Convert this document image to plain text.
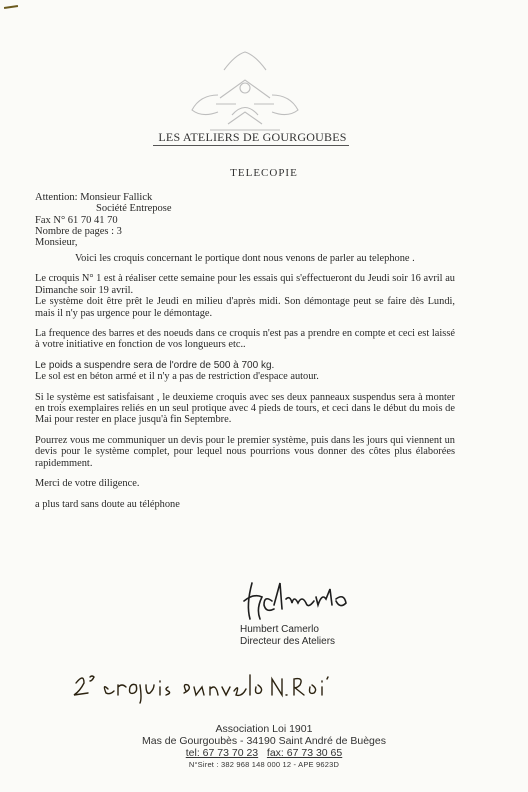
LES ATELIERS DE GOURGOUBES
TELECOPIE
Attention: Monsieur Fallick
Société Entrepose
Fax N° 61 70 41 70
Nombre de pages : 3
Monsieur,

Voici les croquis concernant le portique dont nous venons de parler au telephone .

Le croquis N° 1 est à réaliser cette semaine pour les essais qui s'effectueront du Jeudi soir 16 avril au Dimanche soir 19 avril.

Le système doit être prêt le Jeudi en milieu d'après midi. Son démontage peut se faire dès Lundi, mais il n'y pas urgence pour le démontage.

La frequence des barres et des noeuds dans ce croquis n'est pas a prendre en compte et ceci est laissé à votre initiative en fonction de vos longueurs etc..

Le poids a suspendre sera de l'ordre de 500 à 700 kg.
Le sol est en béton armé et il n'y a pas de restriction d'espace autour.

Si le système est satisfaisant , le deuxieme croquis avec ses deux panneaux suspendus sera à monter en trois exemplaires reliés en un seul protique avec 4 pieds de tours, et ceci dans le début du mois de Mai pour rester en place jusqu'à fin Septembre.

Pourrez vous me communiquer un devis pour le premier système, puis dans les jours qui viennent un devis pour le système complet, pour lequel nous pourrions vous donner des côtes plus élaborées rapidemment.

Merci de votre diligence.

a plus tard sans doute au téléphone

Humbert Camerlo
Directeur des Ateliers
Association Loi 1901
Mas de Gourgoubès - 34190 Saint André de Buèges
tel: 67 73 70 23 fax: 67 73 30 65
N°Siret : 382 968 148 000 12 - APE 9623D
